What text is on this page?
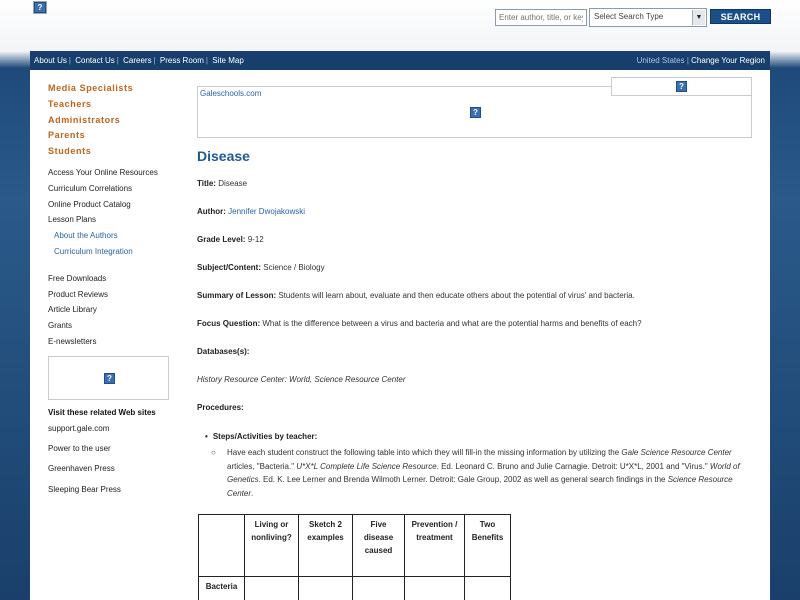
?
Enter author, title, or keyword
Select Search Type	▼	SEARCH
About Us | Contact Us | Careers | Press Room | Site Map	United States | Change Your Region
Media Specialists
Teachers
Administrators
Parents
Students
Access Your Online Resources
Curriculum Correlations
Online Product Catalog
Lesson Plans
About the Authors
Curriculum Integration
Free Downloads
Product Reviews
Article Library
Grants
E-newsletters
?
Visit these related Web sites
support.gale.com
Power to the user
Greenhaven Press
Sleeping Bear Press
Galeschools.com
?
?
Disease
Title: Disease
Author: Jennifer Dwojakowski
Grade Level: 9-12
Subject/Content: Science / Biology
Summary of Lesson: Students will learn about, evaluate and then educate others about the potential of virus' and bacteria.
Focus Question: What is the difference between a virus and bacteria and what are the potential harms and benefits of each?
Databases(s):
History Resource Center: World, Science Resource Center
Procedures:
• Steps/Activities by teacher:
○ Have each student construct the following table into which they will fill-in the missing information by utilizing the Gale Science Resource Center articles, "Bacteria." U*X*L Complete Life Science Resource. Ed. Leonard C. Bruno and Julie Carnagie. Detroit: U*X*L, 2001 and "Virus." World of Genetics. Ed. K. Lee Lerner and Brenda Wilmoth Lerner. Detroit: Gale Group, 2002 as well as general search findings in the Science Resource Center.
	Living or nonliving?	Sketch 2 examples	Five disease caused	Prevention / treatment	Two Benefits
Bacteria					
